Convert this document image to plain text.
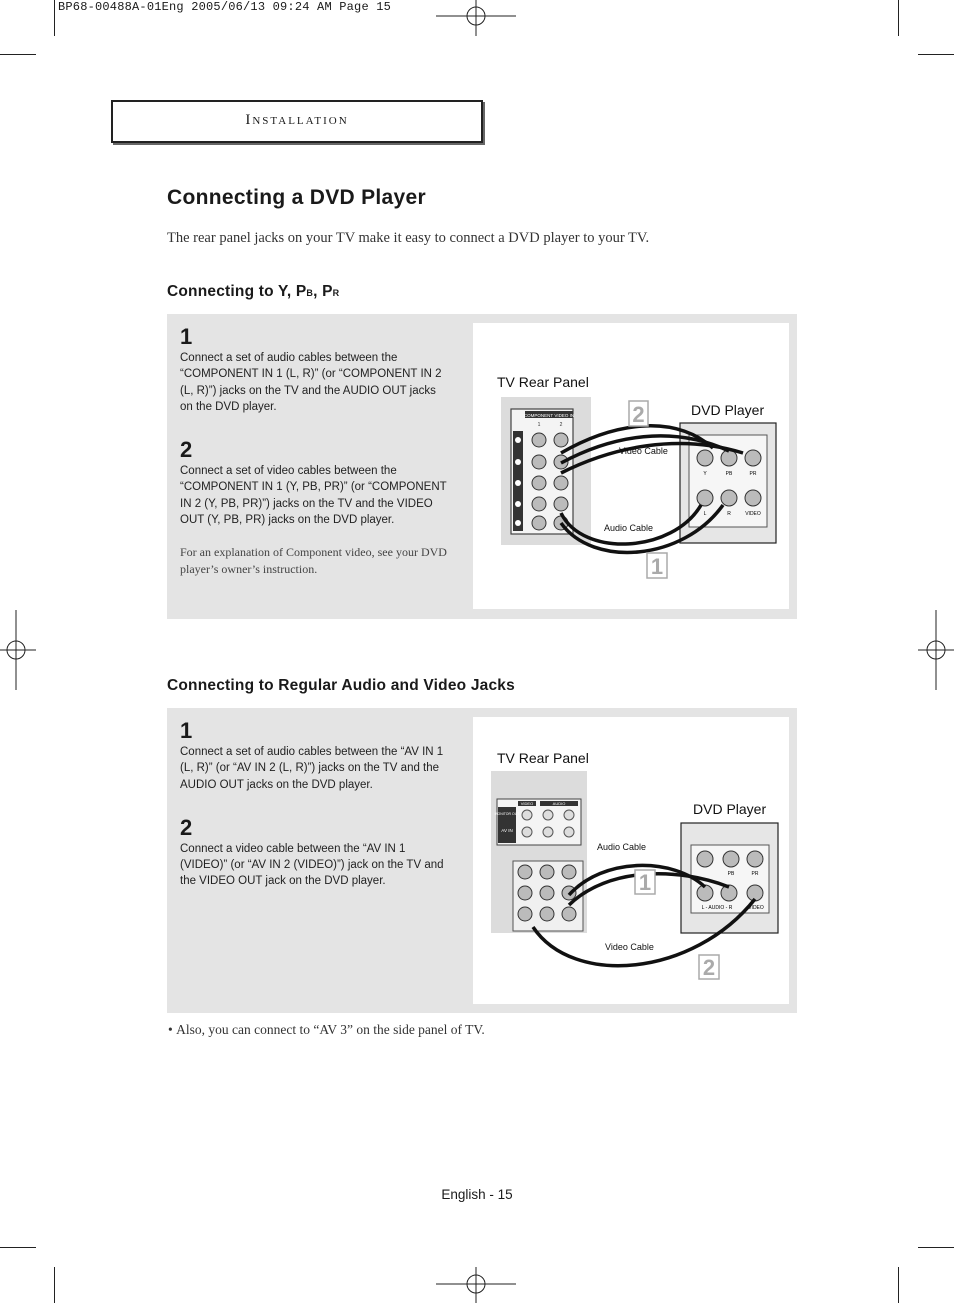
BP68-00488A-01Eng 2005/06/13 09:24 AM Page 15
Installation
Connecting a DVD Player
The rear panel jacks on your TV make it easy to connect a DVD player to your TV.
Connecting to Y, PB, PR
1
Connect a set of audio cables between the “COMPONENT IN 1 (L, R)” (or “COMPONENT IN 2 (L, R)”) jacks on the TV and the AUDIO OUT jacks on the DVD player.
2
Connect a set of video cables between the “COMPONENT IN 1 (Y, PB, PR)” (or “COMPONENT IN 2 (Y, PB, PR)”) jacks on the TV and the VIDEO OUT (Y, PB, PR) jacks on the DVD player.
For an explanation of Component video, see your DVD player’s owner’s instruction.
TV Rear Panel
DVD Player
COMPONENT VIDEO IN
1	2
Y	PB	PR
L	R	VIDEO
Video Cable
Audio Cable
2
1
Connecting to Regular Audio and Video Jacks
1
Connect a set of audio cables between the “AV IN 1 (L, R)” (or “AV IN 2 (L, R)”) jacks on the TV and the AUDIO OUT jacks on the DVD player.
2
Connect a video cable between the “AV IN 1 (VIDEO)” (or “AV IN 2 (VIDEO)”) jack on the TV and the VIDEO OUT jack on the DVD player.
TV Rear Panel
DVD Player
MONITOR OUT
AV IN
VIDEO	AUDIO
PB	PR
L - AUDIO - R	VIDEO
Audio Cable
Video Cable
1
2
• Also, you can connect to “AV 3” on the side panel of TV.
English - 15
